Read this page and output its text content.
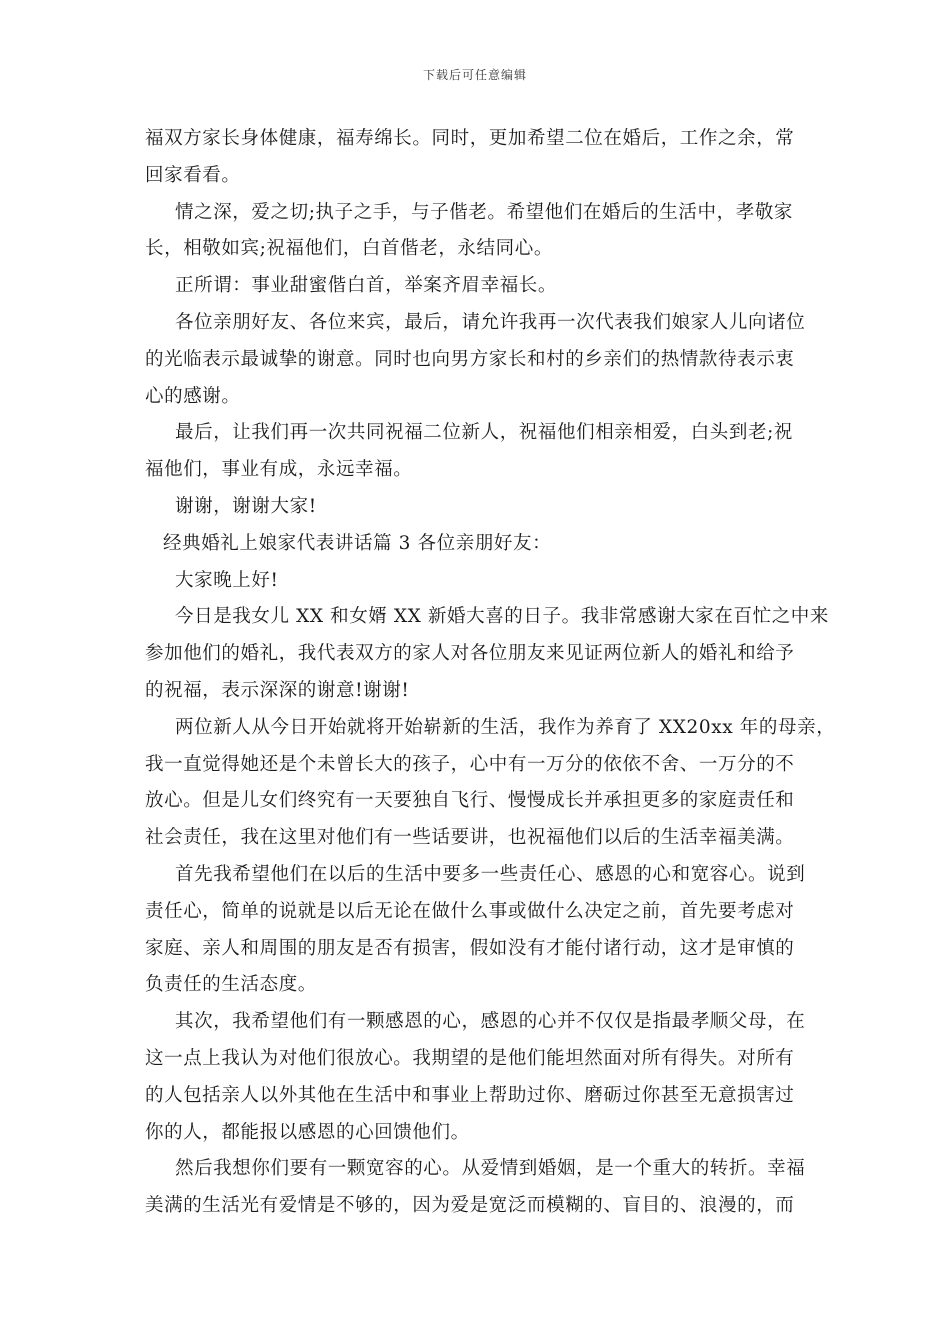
下载后可任意编辑

福双方家长身体健康，福寿绵长。同时，更加希望二位在婚后，工作之余，常
回家看看。

情之深，爱之切;执子之手，与子偕老。希望他们在婚后的生活中，孝敬家
长，相敬如宾;祝福他们，白首偕老，永结同心。

正所谓：事业甜蜜偕白首，举案齐眉幸福长。

各位亲朋好友、各位来宾，最后，请允许我再一次代表我们娘家人儿向诸位
的光临表示最诚挚的谢意。同时也向男方家长和村的乡亲们的热情款待表示衷
心的感谢。

最后，让我们再一次共同祝福二位新人，祝福他们相亲相爱，白头到老;祝
福他们，事业有成，永远幸福。

谢谢，谢谢大家!

经典婚礼上娘家代表讲话篇 3 各位亲朋好友：

大家晚上好!

今日是我女儿 XX 和女婿 XX 新婚大喜的日子。我非常感谢大家在百忙之中来
参加他们的婚礼，我代表双方的家人对各位朋友来见证两位新人的婚礼和给予
的祝福，表示深深的谢意!谢谢!

两位新人从今日开始就将开始崭新的生活，我作为养育了 XX20xx 年的母亲，
我一直觉得她还是个未曾长大的孩子，心中有一万分的依依不舍、一万分的不
放心。但是儿女们终究有一天要独自飞行、慢慢成长并承担更多的家庭责任和
社会责任，我在这里对他们有一些话要讲，也祝福他们以后的生活幸福美满。

首先我希望他们在以后的生活中要多一些责任心、感恩的心和宽容心。说到
责任心，简单的说就是以后无论在做什么事或做什么决定之前，首先要考虑对
家庭、亲人和周围的朋友是否有损害，假如没有才能付诸行动，这才是审慎的
负责任的生活态度。

其次，我希望他们有一颗感恩的心，感恩的心并不仅仅是指最孝顺父母，在
这一点上我认为对他们很放心。我期望的是他们能坦然面对所有得失。对所有
的人包括亲人以外其他在生活中和事业上帮助过你、磨砺过你甚至无意损害过
你的人，都能报以感恩的心回馈他们。

然后我想你们要有一颗宽容的心。从爱情到婚姻，是一个重大的转折。幸福
美满的生活光有爱情是不够的，因为爱是宽泛而模糊的、盲目的、浪漫的，而
